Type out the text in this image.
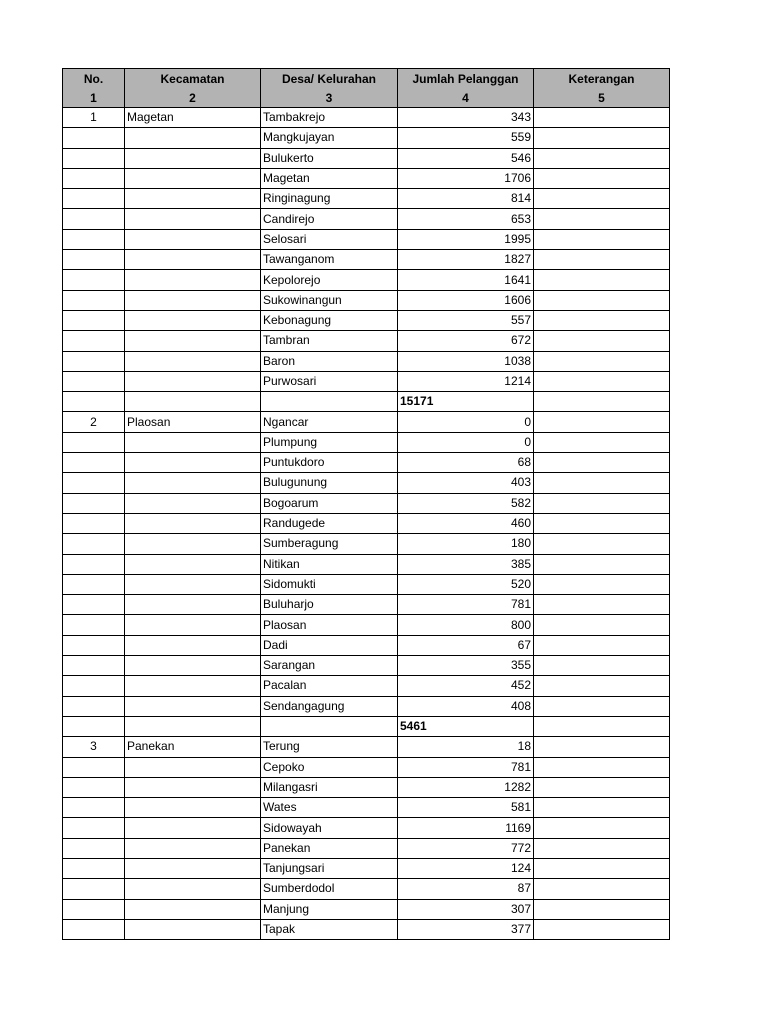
No.	Kecamatan	Desa/ Kelurahan	Jumlah Pelanggan	Keterangan
1	2	3	4	5
1	Magetan	Tambakrejo	343	
		Mangkujayan	559	
		Bulukerto	546	
		Magetan	1706	
		Ringinagung	814	
		Candirejo	653	
		Selosari	1995	
		Tawanganom	1827	
		Kepolorejo	1641	
		Sukowinangun	1606	
		Kebonagung	557	
		Tambran	672	
		Baron	1038	
		Purwosari	1214	
			15171	
2	Plaosan	Ngancar	0	
		Plumpung	0	
		Puntukdoro	68	
		Bulugunung	403	
		Bogoarum	582	
		Randugede	460	
		Sumberagung	180	
		Nitikan	385	
		Sidomukti	520	
		Buluharjo	781	
		Plaosan	800	
		Dadi	67	
		Sarangan	355	
		Pacalan	452	
		Sendangagung	408	
			5461	
3	Panekan	Terung	18	
		Cepoko	781	
		Milangasri	1282	
		Wates	581	
		Sidowayah	1169	
		Panekan	772	
		Tanjungsari	124	
		Sumberdodol	87	
		Manjung	307	
		Tapak	377	
